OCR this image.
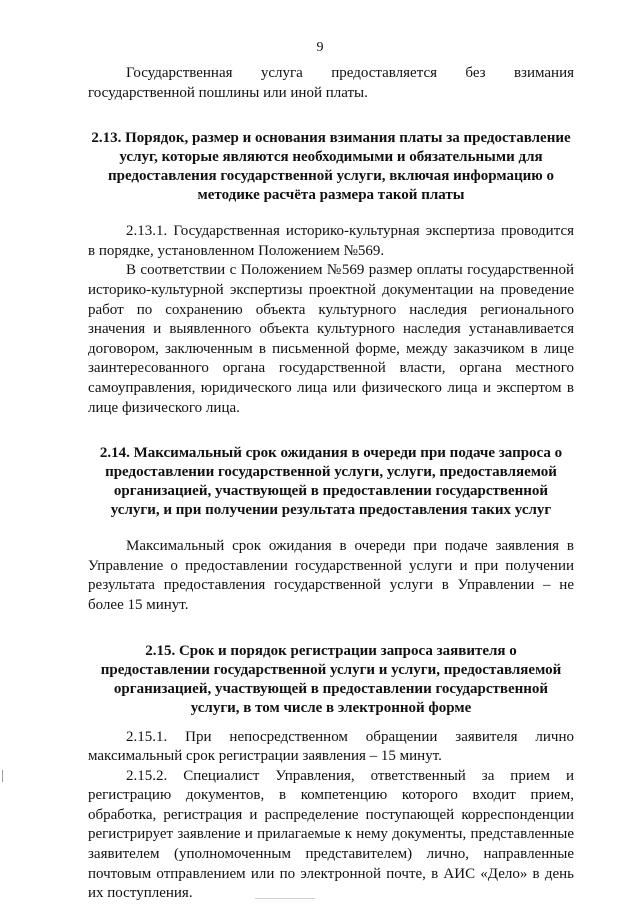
9

Государственная услуга предоставляется без взимания государственной пошлины или иной платы.

2.13. Порядок, размер и основания взимания платы за предоставление услуг, которые являются необходимыми и обязательными для предоставления государственной услуги, включая информацию о методике расчёта размера такой платы

2.13.1. Государственная историко-культурная экспертиза проводится в порядке, установленном Положением №569.

В соответствии с Положением №569 размер оплаты государственной историко-культурной экспертизы проектной документации на проведение работ по сохранению объекта культурного наследия регионального значения и выявленного объекта культурного наследия устанавливается договором, заключенным в письменной форме, между заказчиком в лице заинтересованного органа государственной власти, органа местного самоуправления, юридического лица или физического лица и экспертом в лице физического лица.

2.14. Максимальный срок ожидания в очереди при подаче запроса о предоставлении государственной услуги, услуги, предоставляемой организацией, участвующей в предоставлении государственной услуги, и при получении результата предоставления таких услуг

Максимальный срок ожидания в очереди при подаче заявления в Управление о предоставлении государственной услуги и при получении результата предоставления государственной услуги в Управлении – не более 15 минут.

2.15. Срок и порядок регистрации запроса заявителя о предоставлении государственной услуги и услуги, предоставляемой организацией, участвующей в предоставлении государственной услуги, в том числе в электронной форме

2.15.1. При непосредственном обращении заявителя лично максимальный срок регистрации заявления – 15 минут.

2.15.2. Специалист Управления, ответственный за прием и регистрацию документов, в компетенцию которого входит прием, обработка, регистрация и распределение поступающей корреспонденции регистрирует заявление и прилагаемые к нему документы, представленные заявителем (уполномоченным представителем) лично, направленные почтовым отправлением или по электронной почте, в АИС «Дело» в день их поступления.
